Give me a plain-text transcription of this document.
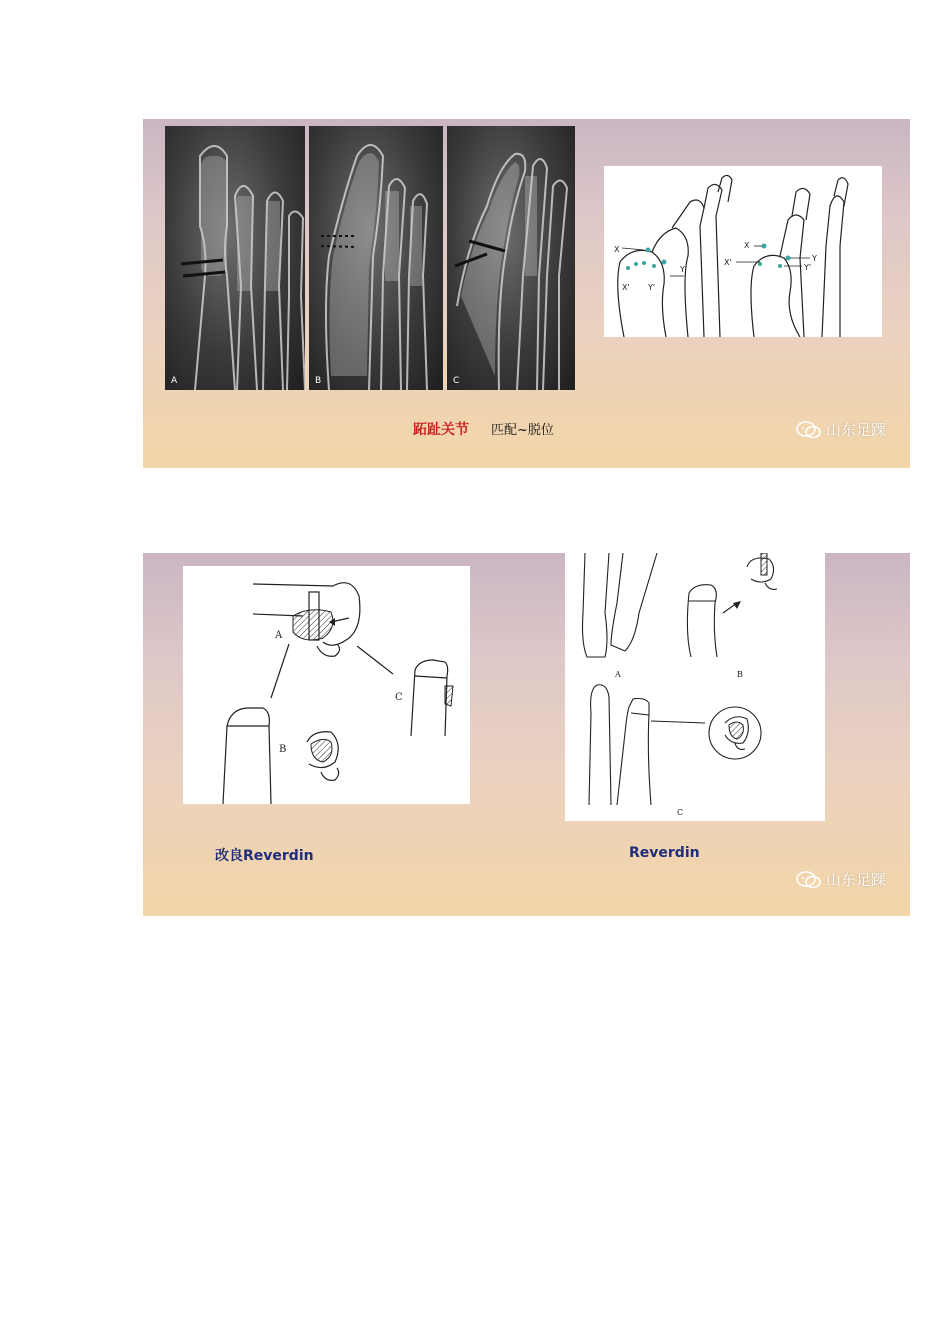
A	B	C
X
X'
Y
Y'
X
X'	Y
Y'
跖趾关节 匹配~脱位	山东足踝
A
B
C
A	B
C
改良Reverdin	Reverdin
山东足踝
